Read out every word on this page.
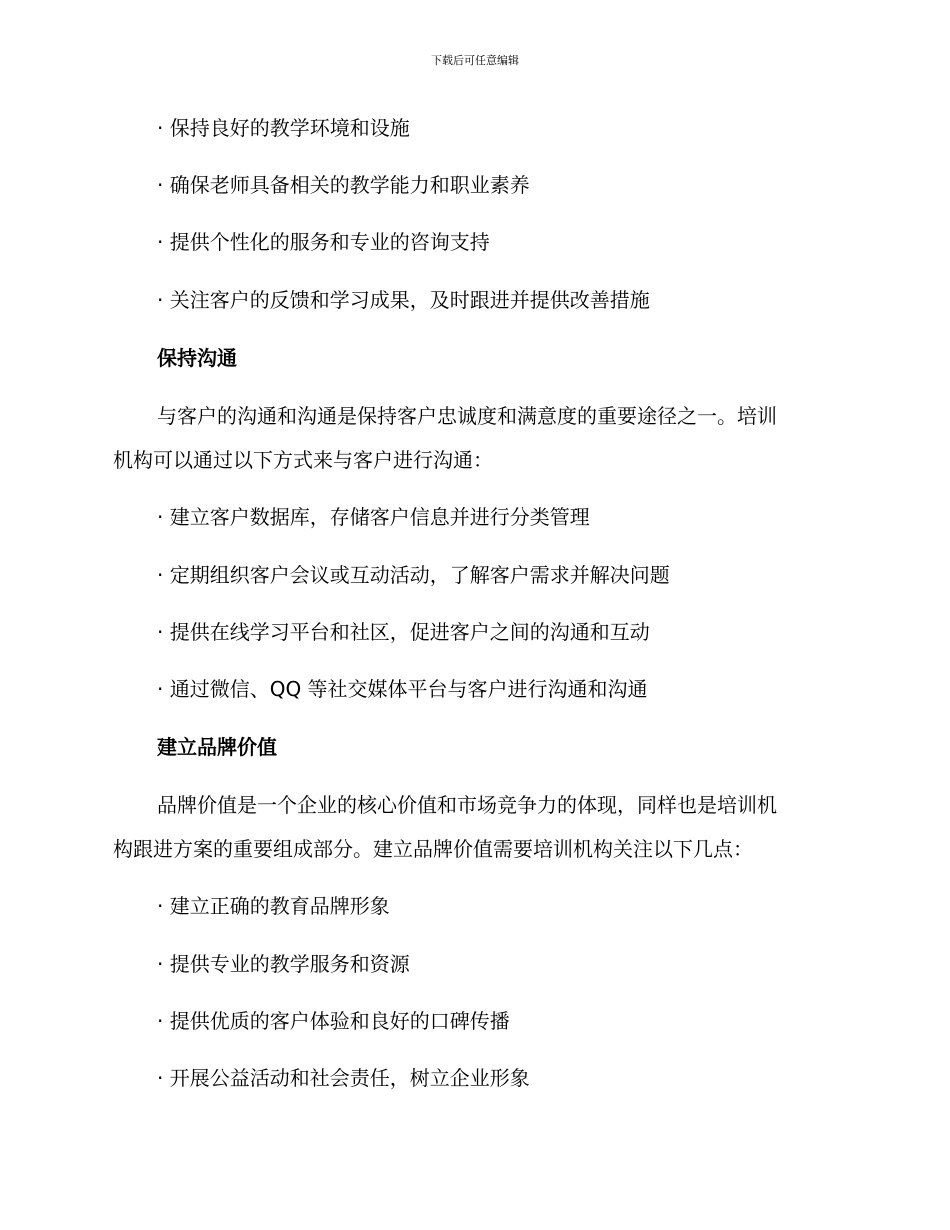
下载后可任意编辑
· 保持良好的教学环境和设施
· 确保老师具备相关的教学能力和职业素养
· 提供个性化的服务和专业的咨询支持
· 关注客户的反馈和学习成果，及时跟进并提供改善措施
保持沟通
与客户的沟通和沟通是保持客户忠诚度和满意度的重要途径之一。培训
机构可以通过以下方式来与客户进行沟通：
· 建立客户数据库，存储客户信息并进行分类管理
· 定期组织客户会议或互动活动，了解客户需求并解决问题
· 提供在线学习平台和社区，促进客户之间的沟通和互动
· 通过微信、QQ 等社交媒体平台与客户进行沟通和沟通
建立品牌价值
品牌价值是一个企业的核心价值和市场竞争力的体现，同样也是培训机
构跟进方案的重要组成部分。建立品牌价值需要培训机构关注以下几点：
· 建立正确的教育品牌形象
· 提供专业的教学服务和资源
· 提供优质的客户体验和良好的口碑传播
· 开展公益活动和社会责任，树立企业形象
